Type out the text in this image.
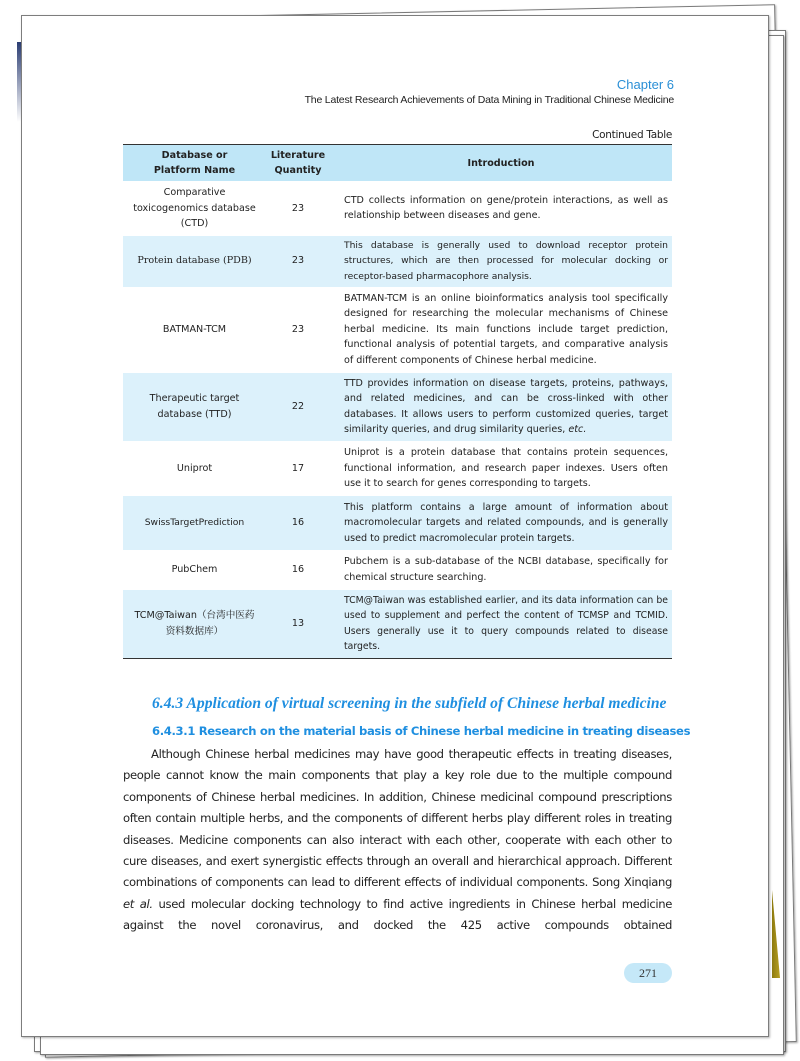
Chapter 6
The Latest Research Achievements of Data Mining in Traditional Chinese Medicine
Continued Table
Database or Platform Name	Literature Quantity	Introduction
Comparative toxicogenomics database (CTD)	23	CTD collects information on gene/protein interactions, as well as relationship between diseases and gene.
Protein database (PDB)	23	This database is generally used to download receptor protein structures, which are then processed for molecular docking or receptor-based pharmacophore analysis.
BATMAN-TCM	23	BATMAN-TCM is an online bioinformatics analysis tool specifically designed for researching the molecular mechanisms of Chinese herbal medicine. Its main functions include target prediction, functional analysis of potential targets, and comparative analysis of different components of Chinese herbal medicine.
Therapeutic target database (TTD)	22	TTD provides information on disease targets, proteins, pathways, and related medicines, and can be cross-linked with other databases. It allows users to perform customized queries, target similarity queries, and drug similarity queries, etc.
Uniprot	17	Uniprot is a protein database that contains protein sequences, functional information, and research paper indexes. Users often use it to search for genes corresponding to targets.
SwissTargetPrediction	16	This platform contains a large amount of information about macromolecular targets and related compounds, and is generally used to predict macromolecular protein targets.
PubChem	16	Pubchem is a sub-database of the NCBI database, specifically for chemical structure searching.
TCM@Taiwan（台湾中医药资料数据库）	13	TCM@Taiwan was established earlier, and its data information can be used to supplement and perfect the content of TCMSP and TCMID. Users generally use it to query compounds related to disease targets.
6.4.3 Application of virtual screening in the subfield of Chinese herbal medicine
6.4.3.1 Research on the material basis of Chinese herbal medicine in treating diseases
Although Chinese herbal medicines may have good therapeutic effects in treating diseases, people cannot know the main components that play a key role due to the multiple compound components of Chinese herbal medicines. In addition, Chinese medicinal compound prescriptions often contain multiple herbs, and the components of different herbs play different roles in treating diseases. Medicine components can also interact with each other, cooperate with each other to cure diseases, and exert synergistic effects through an overall and hierarchical approach. Different combinations of components can lead to different effects of individual components. Song Xinqiang et al. used molecular docking technology to find active ingredients in Chinese herbal medicine against the novel coronavirus, and docked the 425 active compounds obtained
271
